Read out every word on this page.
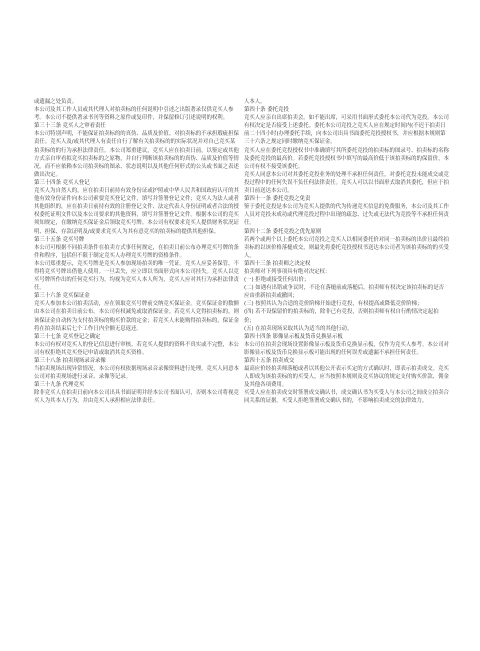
或遗漏之处负责。

本公司及其工作人员或其代理人对拍卖标的任何说明中引述之出版著录仅供竞买人参考。本公司不提供著录书刊等资料之原件或复印件，并保留修订引述说明的权利。

第三十三条 竞买人之审看责任

本公司特别声明，不能保证拍卖标的的真伪、品质及价值。对拍卖标的不承担瑕疵担保责任。竞买人及/或其代理人有责任自行了解有关拍卖标的的实际状况并对自己竞买某拍卖标的的行为承担法律责任。本公司郑重建议，竞买人应在拍卖日前，以鉴定或其他方式亲自审看拟竞买拍卖标的之原物，并自行判断该拍卖标的的真伪、品质及价值等情况。而不应依赖本公司拍卖标的图录、状态说明以及其他任何形式的公头或书面之表述做出决定。

第三十四条 竞买人登记

竞买人为自然人的，应在拍卖日前持有效身份证或护照或中华人民共和国政府认可的其他有效身份证件向本公司索要竞买登记文件，填写并签署登记文件；竞买人为法人或者其他组织的，应在拍卖日前持有效的注册登记文件、法定代表人身份证明或者合法的授权委托证明文件以及本公司要求的其他资料，填写并签署登记文件。根据本公司的竞买须知规定，在缴纳竞买保证金后领取竞买号牌。本公司有权要求竞买人提供财务状况证明、担保、存款证明及/或要求竞买人为其有意竞买的拍卖标的提供其他担保。

第三十五条 竞买号牌

本公司可根据不同拍卖条件在拍卖方式事任何规定，在拍卖日前公布办理竞买号牌的条件和程序，包括但不限于制定竞买人办理竞买号牌的资格条件。

本公司郑重提示，竞买号牌是竞买人参加现场拍卖的唯一凭证。竞买人应妥善保管，不得将竞买号牌出借他人使用。一旦丢失，应立即以书面形式向本公司挂失。竞买人以竞买号牌所作出的任何竞买行为，均视为竞买人本人所为，竞买人应对其行为承担法律责任。

第三十六条 竞买保证金

竞买人参加本公司拍卖活动，应在领取竞买号牌前交纳竞买保证金。竞买保证金的数额由本公司在拍卖日前公布。本公司有权减免或取消保证金。若竞买人竞得拍卖标的，则该保证金自动转为支付拍卖标的购买价款的定金；若竞买人未能购得拍卖标的，保证金将在拍卖结束后七个工作日内全额无息返还。

第三十七条 竞买登记之确定

本公司有权对竞买人的登记信息进行审核。若竞买人提供的资料不真实或不完整，本公司有权拒绝其竞买登记申请或取消其竞买资格。

第三十八条 拍卖现场录音录像

当拍卖现场出现异常情况，本公司有权依据现场录音录像资料进行处理。竞买人同意本公司对拍卖现场进行录音、录像等记录。

第三十九条 代理竞买

除非竞买人在拍卖日前向本公司出具书面证明并经本公司书面认可，否则本公司将视竞买人为其本人行为，并由竞买人承担相应法律责任。

人本人。

第四十条 委托竞投

竞买人应亲自出席拍卖会。如不能出席，可采用书面形式委托本公司代为竞投。本公司有权决定是否接受上述委托。委托本公司竞投之竞买人应在规定时间内(不迟于拍卖日前二十四小时)办理委托手续，向本公司出具书面委托竞投授权书，并应根据本规则第三十六条之规定同时缴纳竞买保证金。

竞买人应在委托竞投授权书中准确填写其所委托竞投的拍卖标的图录号、拍卖标的名称及委托竞投的最高价。若委托竞投授权书中填写的最高价低于该拍卖标的的保留价，本公司有权不接受该委托。

竞买人同意本公司对其委托竞投业务的处理不承担任何责任，对委托竞投未能成交或竞投过程中的任何失误不负任何法律责任。竞买人可以以书面形式取消其委托，但应于拍卖日前送达本公司。

第四十一条 委托竞投之免责

鉴于委托竞投是本公司为竞买人提供的代为传递竞买信息的免费服务，本公司及其工作人员对竞投未成功或代理竞投过程中出现的疏忽、过失或无法代为竞投等不承担任何责任。

第四十二条 委托竞投之优先原则

若两个或两个以上委托本公司竞投之竞买人以相同委托价对同一拍卖标的出价且最终拍卖标的以该价格落槌成交，则最先将委托竞投授权书送达本公司者为该拍卖标的的买受人。

第四十三条 拍卖师之决定权

拍卖师对下列事项具有绝对决定权：

(一) 拒绝或接受任何出价；

(二) 如遇有出错或争议时，不论在落槌前或落槌后，拍卖师有权决定该拍卖标的是否应由重新拍卖或撤回；

(三) 按照其认为合适的竞价阶梯开始进行竞投，有权提高或降低竞价阶梯；

(四) 若不设保留价的拍卖标的，除非已有竞投，否则拍卖师有权自行酌情决定起拍价；

(五) 在拍卖现场采取其认为适当的其他行动。

第四十四条 影像显示板及货币兑换显示板

本公司在拍卖会现场设置影像显示板及货币兑换显示板，仅作为竞买人参考。本公司对影像显示板及货币兑换显示板可能出现的任何误差或遗漏不承担任何责任。

第四十五条 拍卖成交

最高应价经拍卖师落槌或者以其他公开表示买定的方式确认时，即表示拍卖成交。竞买人即成为该拍卖标的的买受人，应当按照本规则及竞买协议的规定支付购买价款、佣金及其他各项费用。

买受人应在拍卖成交时签署成交确认书，成交确认书为买受人与本公司之间成立拍卖合同关系的证据。买受人拒绝签署成交确认书的，不影响拍卖成交的法律效力。
